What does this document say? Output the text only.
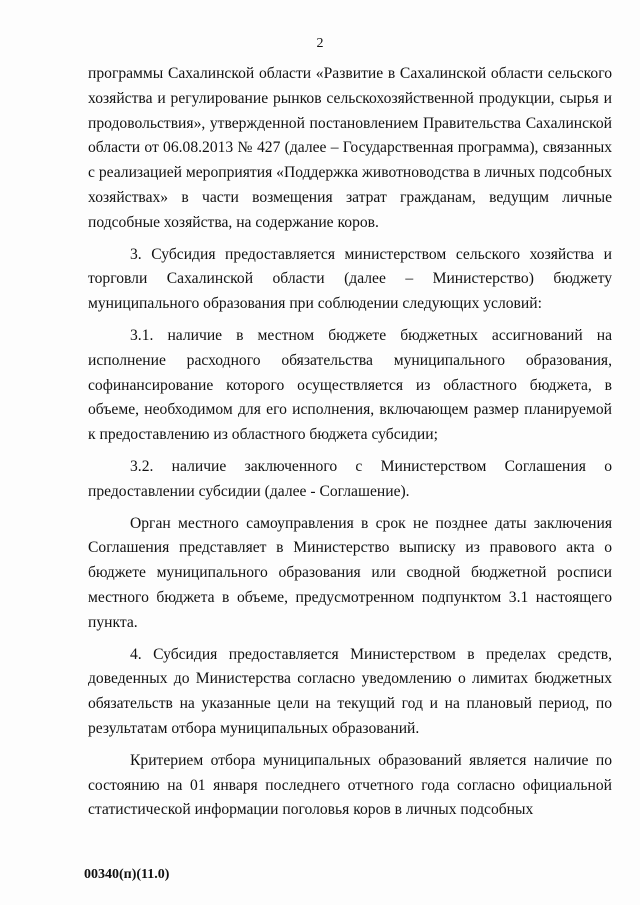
2

программы Сахалинской области «Развитие в Сахалинской области сельского хозяйства и регулирование рынков сельскохозяйственной продукции, сырья и продовольствия», утвержденной постановлением Правительства Сахалинской области от 06.08.2013 № 427 (далее – Государственная программа), связанных с реализацией мероприятия «Поддержка животноводства в личных подсобных хозяйствах» в части возмещения затрат гражданам, ведущим личные подсобные хозяйства, на содержание коров.

3. Субсидия предоставляется министерством сельского хозяйства и торговли Сахалинской области (далее – Министерство) бюджету муниципального образования при соблюдении следующих условий:

3.1. наличие в местном бюджете бюджетных ассигнований на исполнение расходного обязательства муниципального образования, софинансирование которого осуществляется из областного бюджета, в объеме, необходимом для его исполнения, включающем размер планируемой к предоставлению из областного бюджета субсидии;

3.2. наличие заключенного с Министерством Соглашения о предоставлении субсидии (далее - Соглашение).

Орган местного самоуправления в срок не позднее даты заключения Соглашения представляет в Министерство выписку из правового акта о бюджете муниципального образования или сводной бюджетной росписи местного бюджета в объеме, предусмотренном подпунктом 3.1 настоящего пункта.

4. Субсидия предоставляется Министерством в пределах средств, доведенных до Министерства согласно уведомлению о лимитах бюджетных обязательств на указанные цели на текущий год и на плановый период, по результатам отбора муниципальных образований.

Критерием отбора муниципальных образований является наличие по состоянию на 01 января последнего отчетного года согласно официальной статистической информации поголовья коров в личных подсобных

00340(п)(11.0)
